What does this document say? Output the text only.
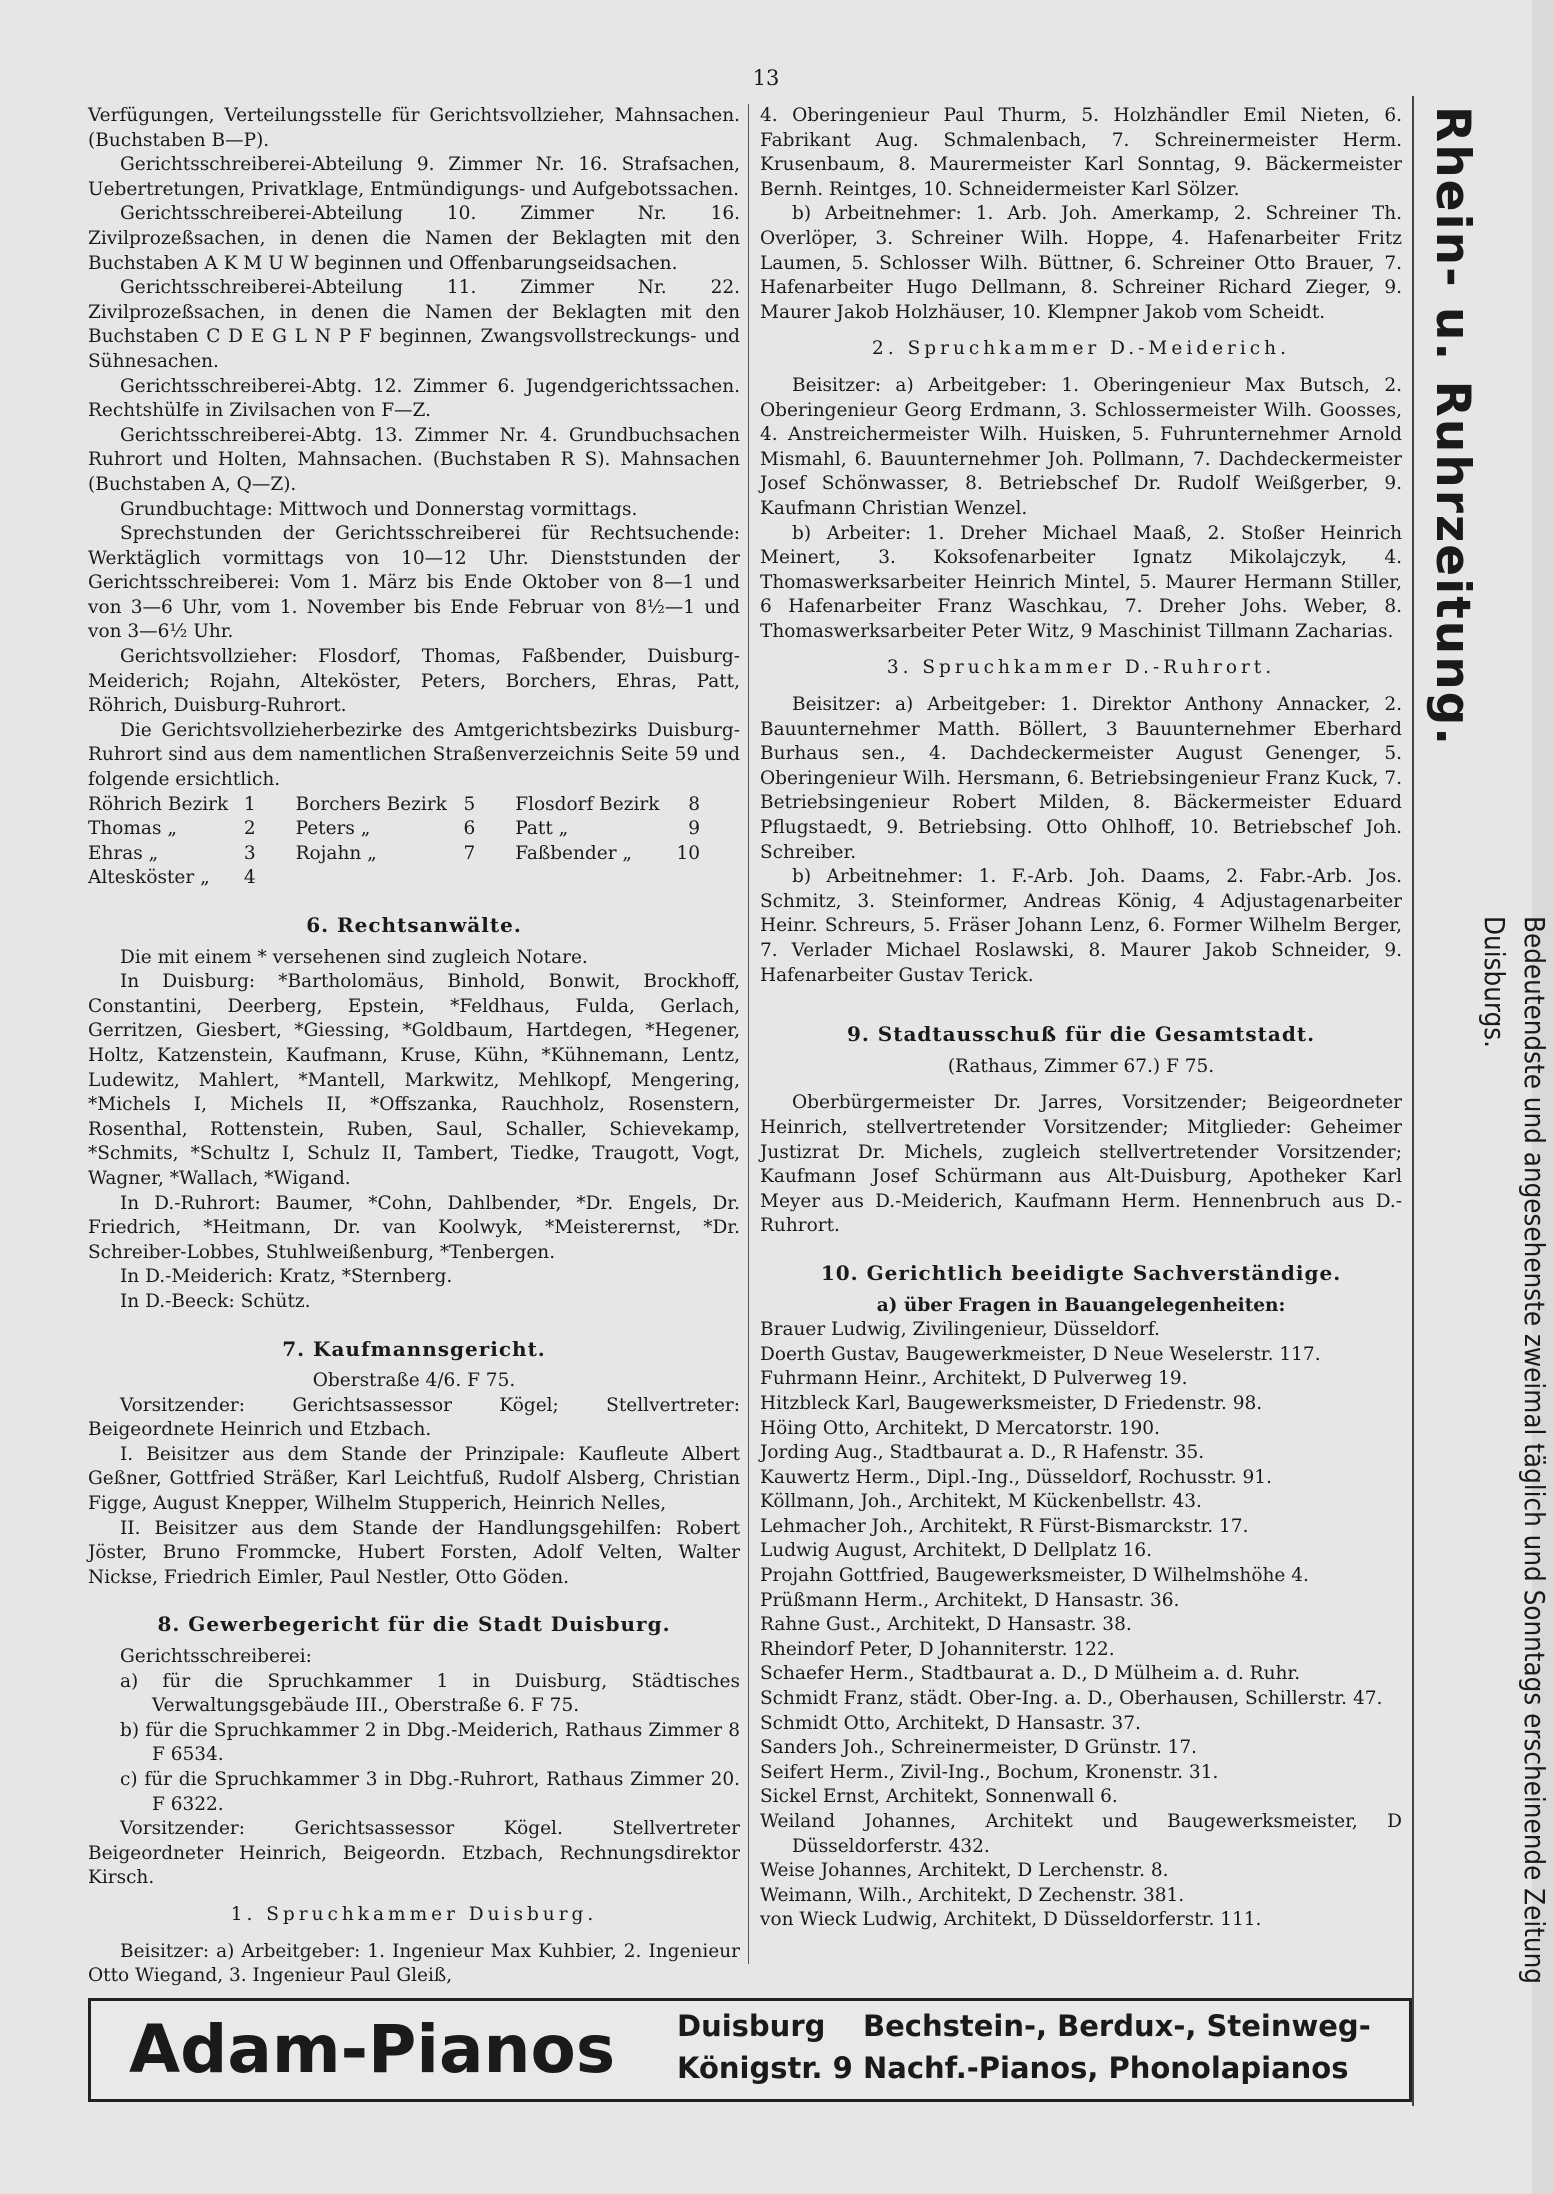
13

Verfügungen, Verteilungsstelle für Gerichtsvollzieher, Mahnsachen. (Buchstaben B—P).

Gerichtsschreiberei-Abteilung 9. Zimmer Nr. 16. Strafsachen, Uebertretungen, Privatklage, Entmündigungs- und Aufgebotssachen.

Gerichtsschreiberei-Abteilung 10. Zimmer Nr. 16. Zivilprozeßsachen, in denen die Namen der Beklagten mit den Buchstaben A K M U W beginnen und Offenbarungseidsachen.

Gerichtsschreiberei-Abteilung 11. Zimmer Nr. 22. Zivilprozeßsachen, in denen die Namen der Beklagten mit den Buchstaben C D E G L N P F beginnen, Zwangsvollstreckungs- und Sühnesachen.

Gerichtsschreiberei-Abtg. 12. Zimmer 6. Jugendgerichtssachen. Rechtshülfe in Zivilsachen von F—Z.

Gerichtsschreiberei-Abtg. 13. Zimmer Nr. 4. Grundbuchsachen Ruhrort und Holten, Mahnsachen. (Buchstaben R S). Mahnsachen (Buchstaben A, Q—Z).

Grundbuchtage: Mittwoch und Donnerstag vormittags.

Sprechstunden der Gerichtsschreiberei für Rechtsuchende: Werktäglich vormittags von 10—12 Uhr. Dienststunden der Gerichtsschreiberei: Vom 1. März bis Ende Oktober von 8—1 und von 3—6 Uhr, vom 1. November bis Ende Februar von 8½—1 und von 3—6½ Uhr.

Gerichtsvollzieher: Flosdorf, Thomas, Faßbender, Duisburg-Meiderich; Rojahn, Alteköster, Peters, Borchers, Ehras, Patt, Röhrich, Duisburg-Ruhrort.

Die Gerichtsvollzieherbezirke des Amtgerichtsbezirks Duisburg-Ruhrort sind aus dem namentlichen Straßenverzeichnis Seite 59 und folgende ersichtlich.

Röhrich Bezirk	1	Borchers Bezirk	5	Flosdorf Bezirk	8
Thomas „	2	Peters „	6	Patt „	9
Ehras „	3	Rojahn „	7	Faßbender „	10
Altesköster „	4				

6. Rechtsanwälte.

Die mit einem * versehenen sind zugleich Notare.

In Duisburg: *Bartholomäus, Binhold, Bonwit, Brockhoff, Constantini, Deerberg, Epstein, *Feldhaus, Fulda, Gerlach, Gerritzen, Giesbert, *Giessing, *Goldbaum, Hartdegen, *Hegener, Holtz, Katzenstein, Kaufmann, Kruse, Kühn, *Kühnemann, Lentz, Ludewitz, Mahlert, *Mantell, Markwitz, Mehlkopf, Mengering, *Michels I, Michels II, *Offszanka, Rauchholz, Rosenstern, Rosenthal, Rottenstein, Ruben, Saul, Schaller, Schievekamp, *Schmits, *Schultz I, Schulz II, Tambert, Tiedke, Traugott, Vogt, Wagner, *Wallach, *Wigand.

In D.-Ruhrort: Baumer, *Cohn, Dahlbender, *Dr. Engels, Dr. Friedrich, *Heitmann, Dr. van Koolwyk, *Meisterernst, *Dr. Schreiber-Lobbes, Stuhlweißenburg, *Tenbergen.

In D.-Meiderich: Kratz, *Sternberg.

In D.-Beeck: Schütz.

7. Kaufmannsgericht.

Oberstraße 4/6. F 75.

Vorsitzender: Gerichtsassessor Kögel; Stellvertreter: Beigeordnete Heinrich und Etzbach.

I. Beisitzer aus dem Stande der Prinzipale: Kaufleute Albert Geßner, Gottfried Sträßer, Karl Leichtfuß, Rudolf Alsberg, Christian Figge, August Knepper, Wilhelm Stupperich, Heinrich Nelles,

II. Beisitzer aus dem Stande der Handlungsgehilfen: Robert Jöster, Bruno Frommcke, Hubert Forsten, Adolf Velten, Walter Nickse, Friedrich Eimler, Paul Nestler, Otto Göden.

8. Gewerbegericht für die Stadt Duisburg.

Gerichtsschreiberei:

a) für die Spruchkammer 1 in Duisburg, Städtisches Verwaltungsgebäude III., Oberstraße 6. F 75.

b) für die Spruchkammer 2 in Dbg.-Meiderich, Rathaus Zimmer 8 F 6534.

c) für die Spruchkammer 3 in Dbg.-Ruhrort, Rathaus Zimmer 20. F 6322.

Vorsitzender: Gerichtsassessor Kögel. Stellvertreter Beigeordneter Heinrich, Beigeordn. Etzbach, Rechnungsdirektor Kirsch.

1. Spruchkammer Duisburg.

Beisitzer: a) Arbeitgeber: 1. Ingenieur Max Kuhbier, 2. Ingenieur Otto Wiegand, 3. Ingenieur Paul Gleiß,

4. Oberingenieur Paul Thurm, 5. Holzhändler Emil Nieten, 6. Fabrikant Aug. Schmalenbach, 7. Schreinermeister Herm. Krusenbaum, 8. Maurermeister Karl Sonntag, 9. Bäckermeister Bernh. Reintges, 10. Schneidermeister Karl Sölzer.

b) Arbeitnehmer: 1. Arb. Joh. Amerkamp, 2. Schreiner Th. Overlöper, 3. Schreiner Wilh. Hoppe, 4. Hafenarbeiter Fritz Laumen, 5. Schlosser Wilh. Büttner, 6. Schreiner Otto Brauer, 7. Hafenarbeiter Hugo Dellmann, 8. Schreiner Richard Zieger, 9. Maurer Jakob Holzhäuser, 10. Klempner Jakob vom Scheidt.

2. Spruchkammer D.-Meiderich.

Beisitzer: a) Arbeitgeber: 1. Oberingenieur Max Butsch, 2. Oberingenieur Georg Erdmann, 3. Schlossermeister Wilh. Goosses, 4. Anstreichermeister Wilh. Huisken, 5. Fuhrunternehmer Arnold Mismahl, 6. Bauunternehmer Joh. Pollmann, 7. Dachdeckermeister Josef Schönwasser, 8. Betriebschef Dr. Rudolf Weißgerber, 9. Kaufmann Christian Wenzel.

b) Arbeiter: 1. Dreher Michael Maaß, 2. Stoßer Heinrich Meinert, 3. Koksofenarbeiter Ignatz Mikolajczyk, 4. Thomaswerksarbeiter Heinrich Mintel, 5. Maurer Hermann Stiller, 6 Hafenarbeiter Franz Waschkau, 7. Dreher Johs. Weber, 8. Thomaswerksarbeiter Peter Witz, 9 Maschinist Tillmann Zacharias.

3. Spruchkammer D.-Ruhrort.

Beisitzer: a) Arbeitgeber: 1. Direktor Anthony Annacker, 2. Bauunternehmer Matth. Böllert, 3 Bauunternehmer Eberhard Burhaus sen., 4. Dachdeckermeister August Genenger, 5. Oberingenieur Wilh. Hersmann, 6. Betriebsingenieur Franz Kuck, 7. Betriebsingenieur Robert Milden, 8. Bäckermeister Eduard Pflugstaedt, 9. Betriebsing. Otto Ohlhoff, 10. Betriebschef Joh. Schreiber.

b) Arbeitnehmer: 1. F.-Arb. Joh. Daams, 2. Fabr.-Arb. Jos. Schmitz, 3. Steinformer, Andreas König, 4 Adjustagenarbeiter Heinr. Schreurs, 5. Fräser Johann Lenz, 6. Former Wilhelm Berger, 7. Verlader Michael Roslawski, 8. Maurer Jakob Schneider, 9. Hafenarbeiter Gustav Terick.

9. Stadtausschuß für die Gesamtstadt.

(Rathaus, Zimmer 67.) F 75.

Oberbürgermeister Dr. Jarres, Vorsitzender; Beigeordneter Heinrich, stellvertretender Vorsitzender; Mitglieder: Geheimer Justizrat Dr. Michels, zugleich stellvertretender Vorsitzender; Kaufmann Josef Schürmann aus Alt-Duisburg, Apotheker Karl Meyer aus D.-Meiderich, Kaufmann Herm. Hennenbruch aus D.-Ruhrort.

10. Gerichtlich beeidigte Sachverständige.

a) über Fragen in Bauangelegenheiten:

Brauer Ludwig, Zivilingenieur, Düsseldorf.

Doerth Gustav, Baugewerkmeister, D Neue Weselerstr. 117.

Fuhrmann Heinr., Architekt, D Pulverweg 19.

Hitzbleck Karl, Baugewerksmeister, D Friedenstr. 98.

Höing Otto, Architekt, D Mercatorstr. 190.

Jording Aug., Stadtbaurat a. D., R Hafenstr. 35.

Kauwertz Herm., Dipl.-Ing., Düsseldorf, Rochusstr. 91.

Köllmann, Joh., Architekt, M Kückenbellstr. 43.

Lehmacher Joh., Architekt, R Fürst-Bismarckstr. 17.

Ludwig August, Architekt, D Dellplatz 16.

Projahn Gottfried, Baugewerksmeister, D Wilhelmshöhe 4.

Prüßmann Herm., Architekt, D Hansastr. 36.

Rahne Gust., Architekt, D Hansastr. 38.

Rheindorf Peter, D Johanniterstr. 122.

Schaefer Herm., Stadtbaurat a. D., D Mülheim a. d. Ruhr.

Schmidt Franz, städt. Ober-Ing. a. D., Oberhausen, Schillerstr. 47.

Schmidt Otto, Architekt, D Hansastr. 37.

Sanders Joh., Schreinermeister, D Grünstr. 17.

Seifert Herm., Zivil-Ing., Bochum, Kronenstr. 31.

Sickel Ernst, Architekt, Sonnenwall 6.

Weiland Johannes, Architekt und Baugewerksmeister, D Düsseldorferstr. 432.

Weise Johannes, Architekt, D Lerchenstr. 8.

Weimann, Wilh., Architekt, D Zechenstr. 381.

von Wieck Ludwig, Architekt, D Düsseldorferstr. 111.

Rhein- u. Ruhrzeitung.
Bedeutendste und angesehenste zweimal täglich und Sonntags erscheinende Zeitung Duisburgs.
Adam-Pianos Duisburg
Königstr. 9
Bechstein-, Berdux-, Steinweg-
Nachf.-Pianos, Phonolapianos
